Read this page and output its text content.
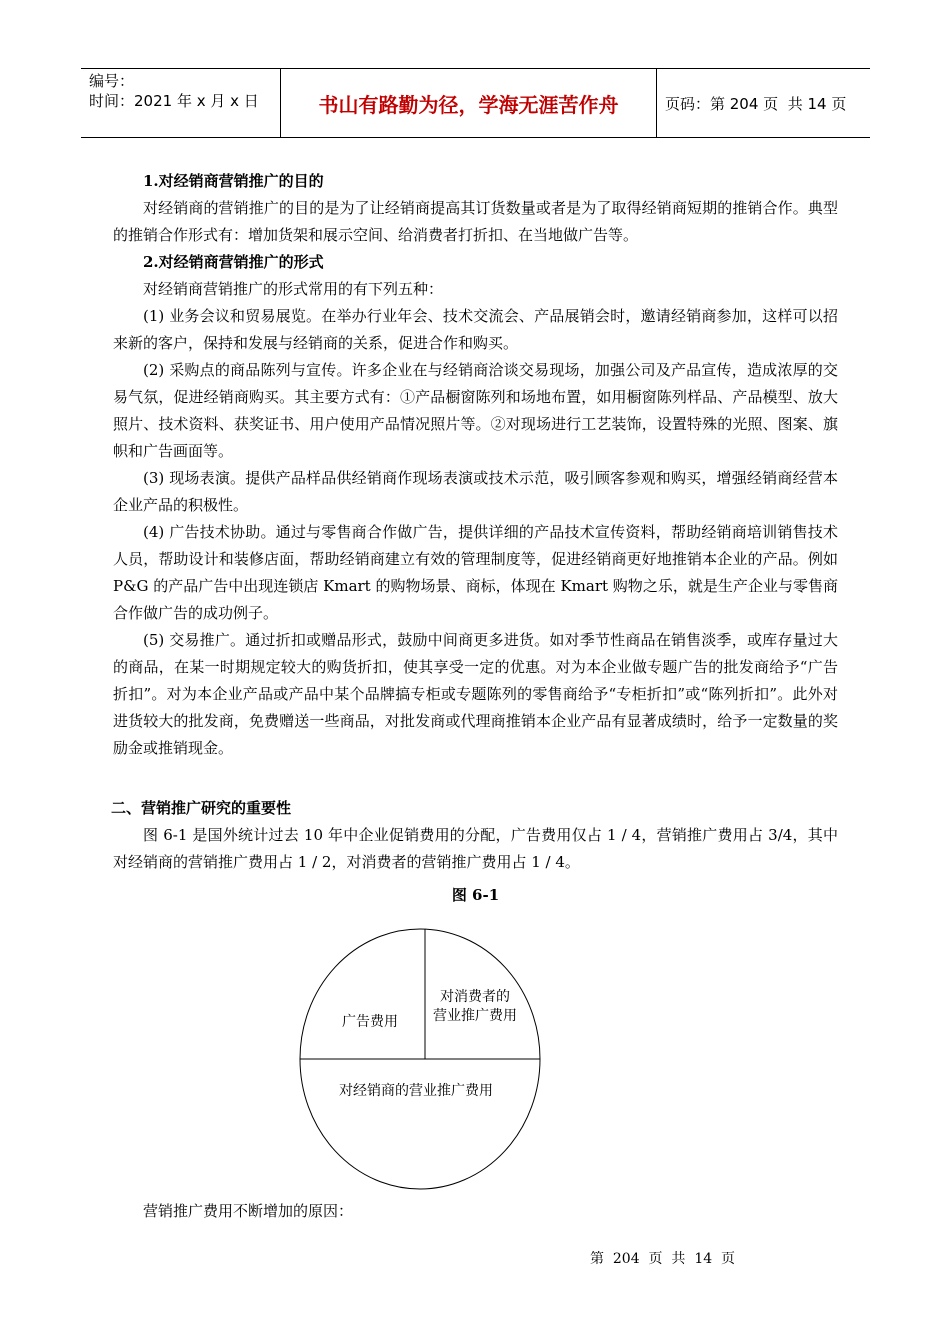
编号：
时间：2021 年 x 月 x 日	书山有路勤为径，学海无涯苦作舟	页码：第 204 页  共 14 页

1.对经销商营销推广的目的

对经销商的营销推广的目的是为了让经销商提高其订货数量或者是为了取得经销商短期的推销合作。典型的推销合作形式有：增加货架和展示空间、给消费者打折扣、在当地做广告等。

2.对经销商营销推广的形式

对经销商营销推广的形式常用的有下列五种：

(1) 业务会议和贸易展览。在举办行业年会、技术交流会、产品展销会时，邀请经销商参加，这样可以招来新的客户，保持和发展与经销商的关系，促进合作和购买。

(2) 采购点的商品陈列与宣传。许多企业在与经销商洽谈交易现场，加强公司及产品宣传，造成浓厚的交易气氛，促进经销商购买。其主要方式有：①产品橱窗陈列和场地布置，如用橱窗陈列样品、产品模型、放大照片、技术资料、获奖证书、用户使用产品情况照片等。②对现场进行工艺装饰，设置特殊的光照、图案、旗帜和广告画面等。

(3) 现场表演。提供产品样品供经销商作现场表演或技术示范，吸引顾客参观和购买，增强经销商经营本企业产品的积极性。

(4) 广告技术协助。通过与零售商合作做广告，提供详细的产品技术宣传资料，帮助经销商培训销售技术人员，帮助设计和装修店面，帮助经销商建立有效的管理制度等，促进经销商更好地推销本企业的产品。例如 P&G 的产品广告中出现连锁店 Kmart 的购物场景、商标，体现在 Kmart 购物之乐，就是生产企业与零售商合作做广告的成功例子。

(5) 交易推广。通过折扣或赠品形式，鼓励中间商更多进货。如对季节性商品在销售淡季，或库存量过大的商品，在某一时期规定较大的购货折扣，使其享受一定的优惠。对为本企业做专题广告的批发商给予“广告折扣”。对为本企业产品或产品中某个品牌搞专柜或专题陈列的零售商给予“专柜折扣”或“陈列折扣”。此外对进货较大的批发商，免费赠送一些商品，对批发商或代理商推销本企业产品有显著成绩时，给予一定数量的奖励金或推销现金。

二、营销推广研究的重要性

图 6-1 是国外统计过去 10 年中企业促销费用的分配，广告费用仅占 1 / 4，营销推广费用占 3/4，其中对经销商的营销推广费用占 1 / 2，对消费者的营销推广费用占 1 / 4。

图 6-1

广告费用
对消费者的
营业推广费用
对经销商的营业推广费用
营销推广费用不断增加的原因：
第  204  页  共  14  页
